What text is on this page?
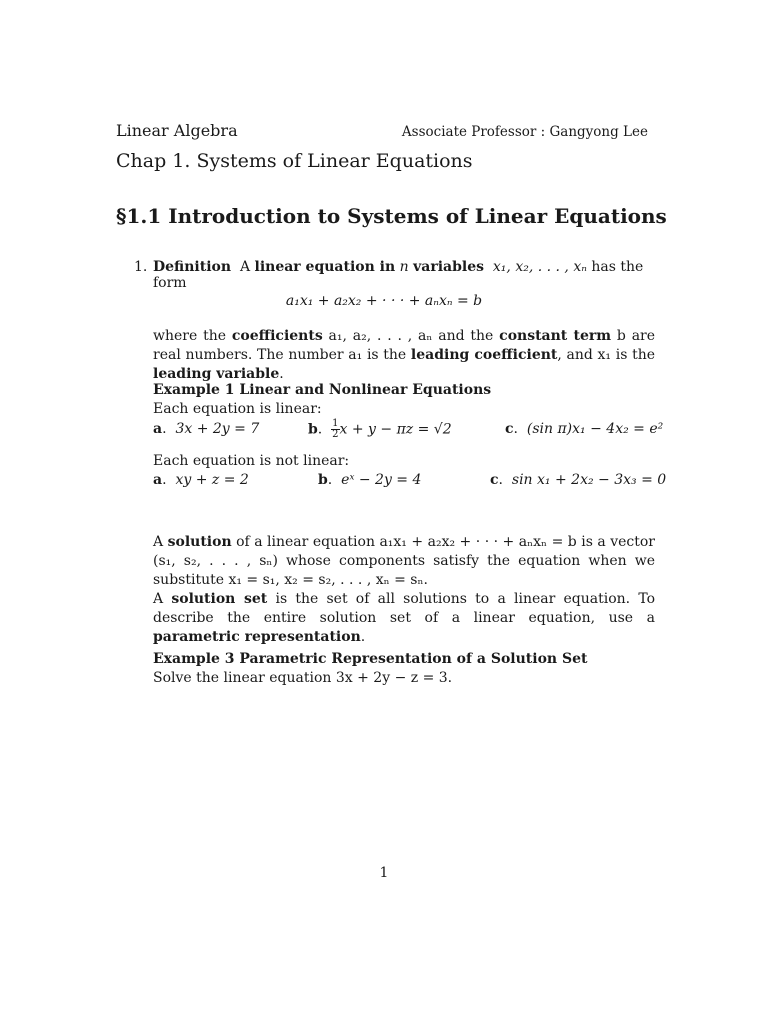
Linear Algebra	Associate Professor : Gangyong Lee
Chap 1. Systems of Linear Equations
§1.1 Introduction to Systems of Linear Equations
1. Definition A linear equation in n variables x₁, x₂, . . . , xₙ has the form
a₁x₁ + a₂x₂ + · · · + aₙxₙ = b
where the coefficients a₁, a₂, . . . , aₙ and the constant term b are real numbers. The number a₁ is the leading coefficient, and x₁ is the leading variable.
Example 1 Linear and Nonlinear Equations
Each equation is linear:
a.  3x + 2y = 7	b. $\frac{1}{2}$ x + y − πz = √2	c.  (sin π)x₁ − 4x₂ = e²
Each equation is not linear:
a.  xy + z = 2	b.  eˣ − 2y = 4	c.  sin x₁ + 2x₂ − 3x₃ = 0
A solution of a linear equation a₁x₁ + a₂x₂ + · · · + aₙxₙ = b is a vector (s₁, s₂, . . . , sₙ) whose components satisfy the equation when we substitute x₁ = s₁, x₂ = s₂, . . . , xₙ = sₙ.
A solution set is the set of all solutions to a linear equation. To describe the entire solution set of a linear equation, use a parametric representation.
Example 3 Parametric Representation of a Solution Set
Solve the linear equation 3x + 2y − z = 3.
1
